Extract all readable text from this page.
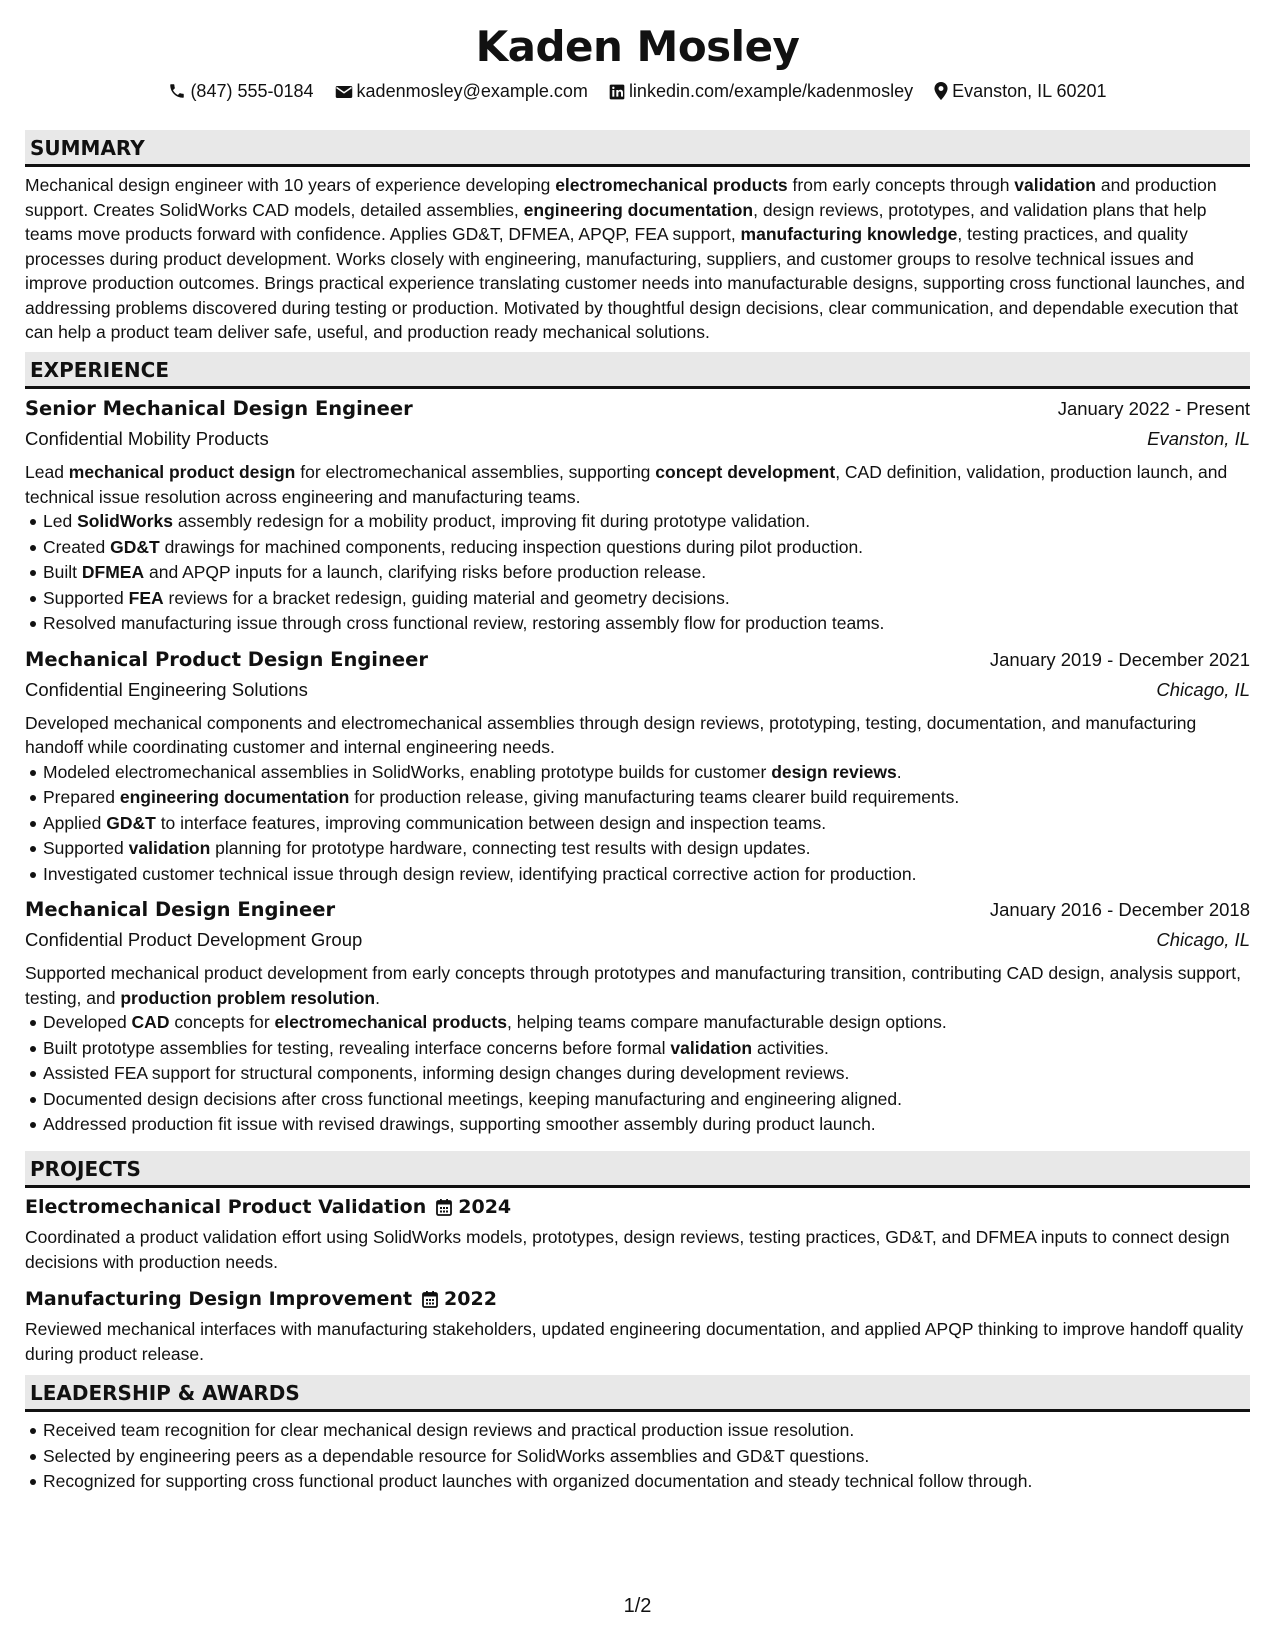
Kaden Mosley
(847) 555-0184 kadenmosley@example.com linkedin.com/example/kadenmosley Evanston, IL 60201
SUMMARY

Mechanical design engineer with 10 years of experience developing electromechanical products from early concepts through validation and production support. Creates SolidWorks CAD models, detailed assemblies, engineering documentation, design reviews, prototypes, and validation plans that help teams move products forward with confidence. Applies GD&T, DFMEA, APQP, FEA support, manufacturing knowledge, testing practices, and quality processes during product development. Works closely with engineering, manufacturing, suppliers, and customer groups to resolve technical issues and improve production outcomes. Brings practical experience translating customer needs into manufacturable designs, supporting cross functional launches, and addressing problems discovered during testing or production. Motivated by thoughtful design decisions, clear communication, and dependable execution that can help a product team deliver safe, useful, and production ready mechanical solutions.

EXPERIENCE
Senior Mechanical Design Engineer	January 2022 - Present
Confidential Mobility Products	Evanston, IL
Lead mechanical product design for electromechanical assemblies, supporting concept development, CAD definition, validation, production launch, and technical issue resolution across engineering and manufacturing teams.
Led SolidWorks assembly redesign for a mobility product, improving fit during prototype validation.
Created GD&T drawings for machined components, reducing inspection questions during pilot production.
Built DFMEA and APQP inputs for a launch, clarifying risks before production release.
Supported FEA reviews for a bracket redesign, guiding material and geometry decisions.
Resolved manufacturing issue through cross functional review, restoring assembly flow for production teams.
Mechanical Product Design Engineer	January 2019 - December 2021
Confidential Engineering Solutions	Chicago, IL
Developed mechanical components and electromechanical assemblies through design reviews, prototyping, testing, documentation, and manufacturing handoff while coordinating customer and internal engineering needs.
Modeled electromechanical assemblies in SolidWorks, enabling prototype builds for customer design reviews.
Prepared engineering documentation for production release, giving manufacturing teams clearer build requirements.
Applied GD&T to interface features, improving communication between design and inspection teams.
Supported validation planning for prototype hardware, connecting test results with design updates.
Investigated customer technical issue through design review, identifying practical corrective action for production.
Mechanical Design Engineer	January 2016 - December 2018
Confidential Product Development Group	Chicago, IL
Supported mechanical product development from early concepts through prototypes and manufacturing transition, contributing CAD design, analysis support, testing, and production problem resolution.
Developed CAD concepts for electromechanical products, helping teams compare manufacturable design options.
Built prototype assemblies for testing, revealing interface concerns before formal validation activities.
Assisted FEA support for structural components, informing design changes during development reviews.
Documented design decisions after cross functional meetings, keeping manufacturing and engineering aligned.
Addressed production fit issue with revised drawings, supporting smoother assembly during product launch.
PROJECTS
Electromechanical Product Validation 2024

Coordinated a product validation effort using SolidWorks models, prototypes, design reviews, testing practices, GD&T, and DFMEA inputs to connect design decisions with production needs.

Manufacturing Design Improvement 2022

Reviewed mechanical interfaces with manufacturing stakeholders, updated engineering documentation, and applied APQP thinking to improve handoff quality during product release.

LEADERSHIP & AWARDS
Received team recognition for clear mechanical design reviews and practical production issue resolution.
Selected by engineering peers as a dependable resource for SolidWorks assemblies and GD&T questions.
Recognized for supporting cross functional product launches with organized documentation and steady technical follow through.
1/2
